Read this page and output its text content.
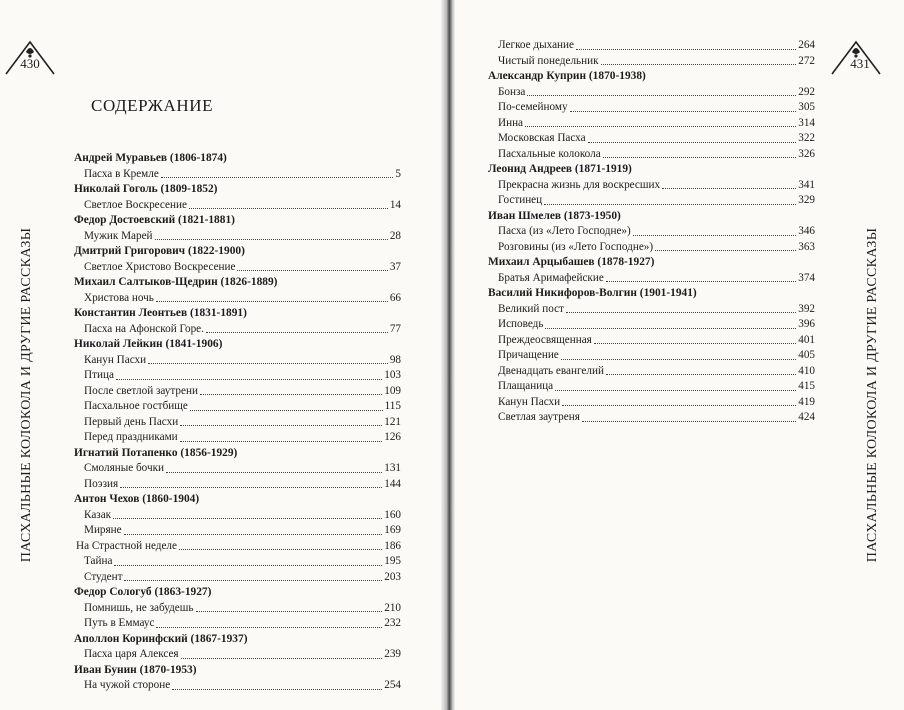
430
ПАСХАЛЬНЫЕ КОЛОКОЛА И ДРУГИЕ РАССКАЗЫ
СОДЕРЖАНИЕ
Андрей Муравьев (1806-1874)
Пасха в Кремле	5
Николай Гоголь (1809-1852)
Светлое Воскресение	14
Федор Достоевский (1821-1881)
Мужик Марей	28
Дмитрий Григорович (1822-1900)
Светлое Христово Воскресение	37
Михаил Салтыков-Щедрин (1826-1889)
Христова ночь	66
Константин Леонтьев (1831-1891)
Пасха на Афонской Горе.	77
Николай Лейкин (1841-1906)
Канун Пасхи	98
Птица	103
После светлой заутрени	109
Пасхальное гостбище	115
Первый день Пасхи	121
Перед праздниками	126
Игнатий Потапенко (1856-1929)
Смоляные бочки	131
Поэзия	144
Антон Чехов (1860-1904)
Казак	160
Миряне	169
На Страстной неделе	186
Тайна	195
Студент	203
Федор Сологуб (1863-1927)
Помнишь, не забудешь	210
Путь в Еммаус	232
Аполлон Коринфский (1867-1937)
Пасха царя Алексея	239
Иван Бунин (1870-1953)
На чужой стороне	254
431
ПАСХАЛЬНЫЕ КОЛОКОЛА И ДРУГИЕ РАССКАЗЫ
Легкое дыхание	264
Чистый понедельник	272
Александр Куприн (1870-1938)
Бонза	292
По-семейному	305
Инна	314
Московская Пасха	322
Пасхальные колокола	326
Леонид Андреев (1871-1919)
Прекрасна жизнь для воскресших	341
Гостинец	329
Иван Шмелев (1873-1950)
Пасха (из «Лето Господне»)	346
Розговины (из «Лето Господне»)	363
Михаил Арцыбашев (1878-1927)
Братья Аримафейские	374
Василий Никифоров-Волгин (1901-1941)
Великий пост	392
Исповедь	396
Преждеосвященная	401
Причащение	405
Двенадцать евангелий	410
Плащаница	415
Канун Пасхи	419
Светлая заутреня	424
